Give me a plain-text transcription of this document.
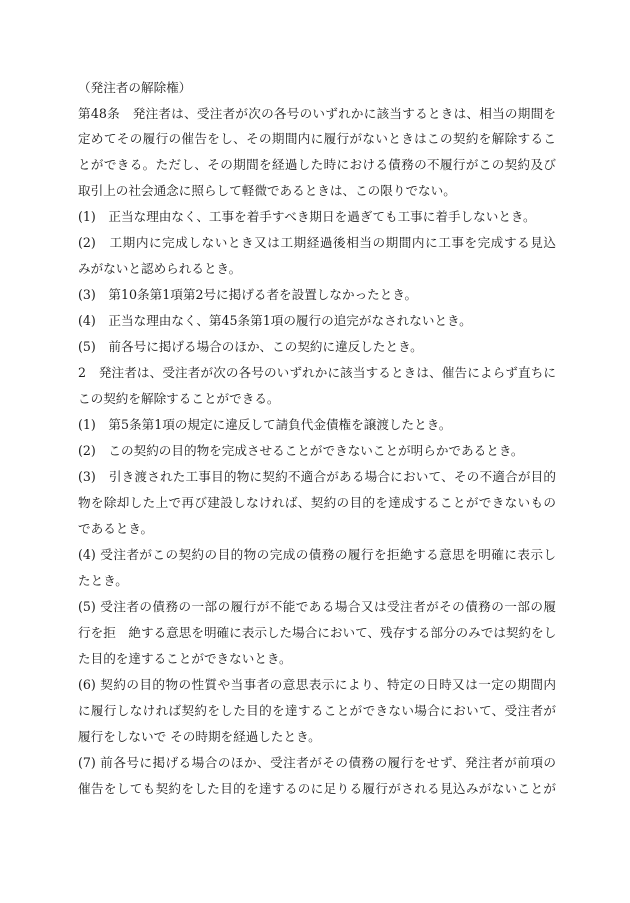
（発注者の解除権）
第48条　発注者は、受注者が次の各号のいずれかに該当するときは、相当の期間を
定めてその履行の催告をし、その期間内に履行がないときはこの契約を解除するこ
とができる。ただし、その期間を経過した時における債務の不履行がこの契約及び
取引上の社会通念に照らして軽微であるときは、この限りでない。
(1)　正当な理由なく、工事を着手すべき期日を過ぎても工事に着手しないとき。
(2)　工期内に完成しないとき又は工期経過後相当の期間内に工事を完成する見込
みがないと認められるとき。
(3)　第10条第1項第2号に掲げる者を設置しなかったとき。
(4)　正当な理由なく、第45条第1項の履行の追完がなされないとき。
(5)　前各号に掲げる場合のほか、この契約に違反したとき。
2　発注者は、受注者が次の各号のいずれかに該当するときは、催告によらず直ちに
この契約を解除することができる。
(1)　第5条第1項の規定に違反して請負代金債権を譲渡したとき。
(2)　この契約の目的物を完成させることができないことが明らかであるとき。
(3)　引き渡された工事目的物に契約不適合がある場合において、その不適合が目的
物を除却した上で再び建設しなければ、契約の目的を達成することができないもの
であるとき。
(4) 受注者がこの契約の目的物の完成の債務の履行を拒絶する意思を明確に表示し
たとき。
(5) 受注者の債務の一部の履行が不能である場合又は受注者がその債務の一部の履
行を拒　絶する意思を明確に表示した場合において、残存する部分のみでは契約をし
た目的を達することができないとき。
(6) 契約の目的物の性質や当事者の意思表示により、特定の日時又は一定の期間内
に履行しなければ契約をした目的を達することができない場合において、受注者が
履行をしないで その時期を経過したとき。
(7) 前各号に掲げる場合のほか、受注者がその債務の履行をせず、発注者が前項の
催告をしても契約をした目的を達するのに足りる履行がされる見込みがないことが
